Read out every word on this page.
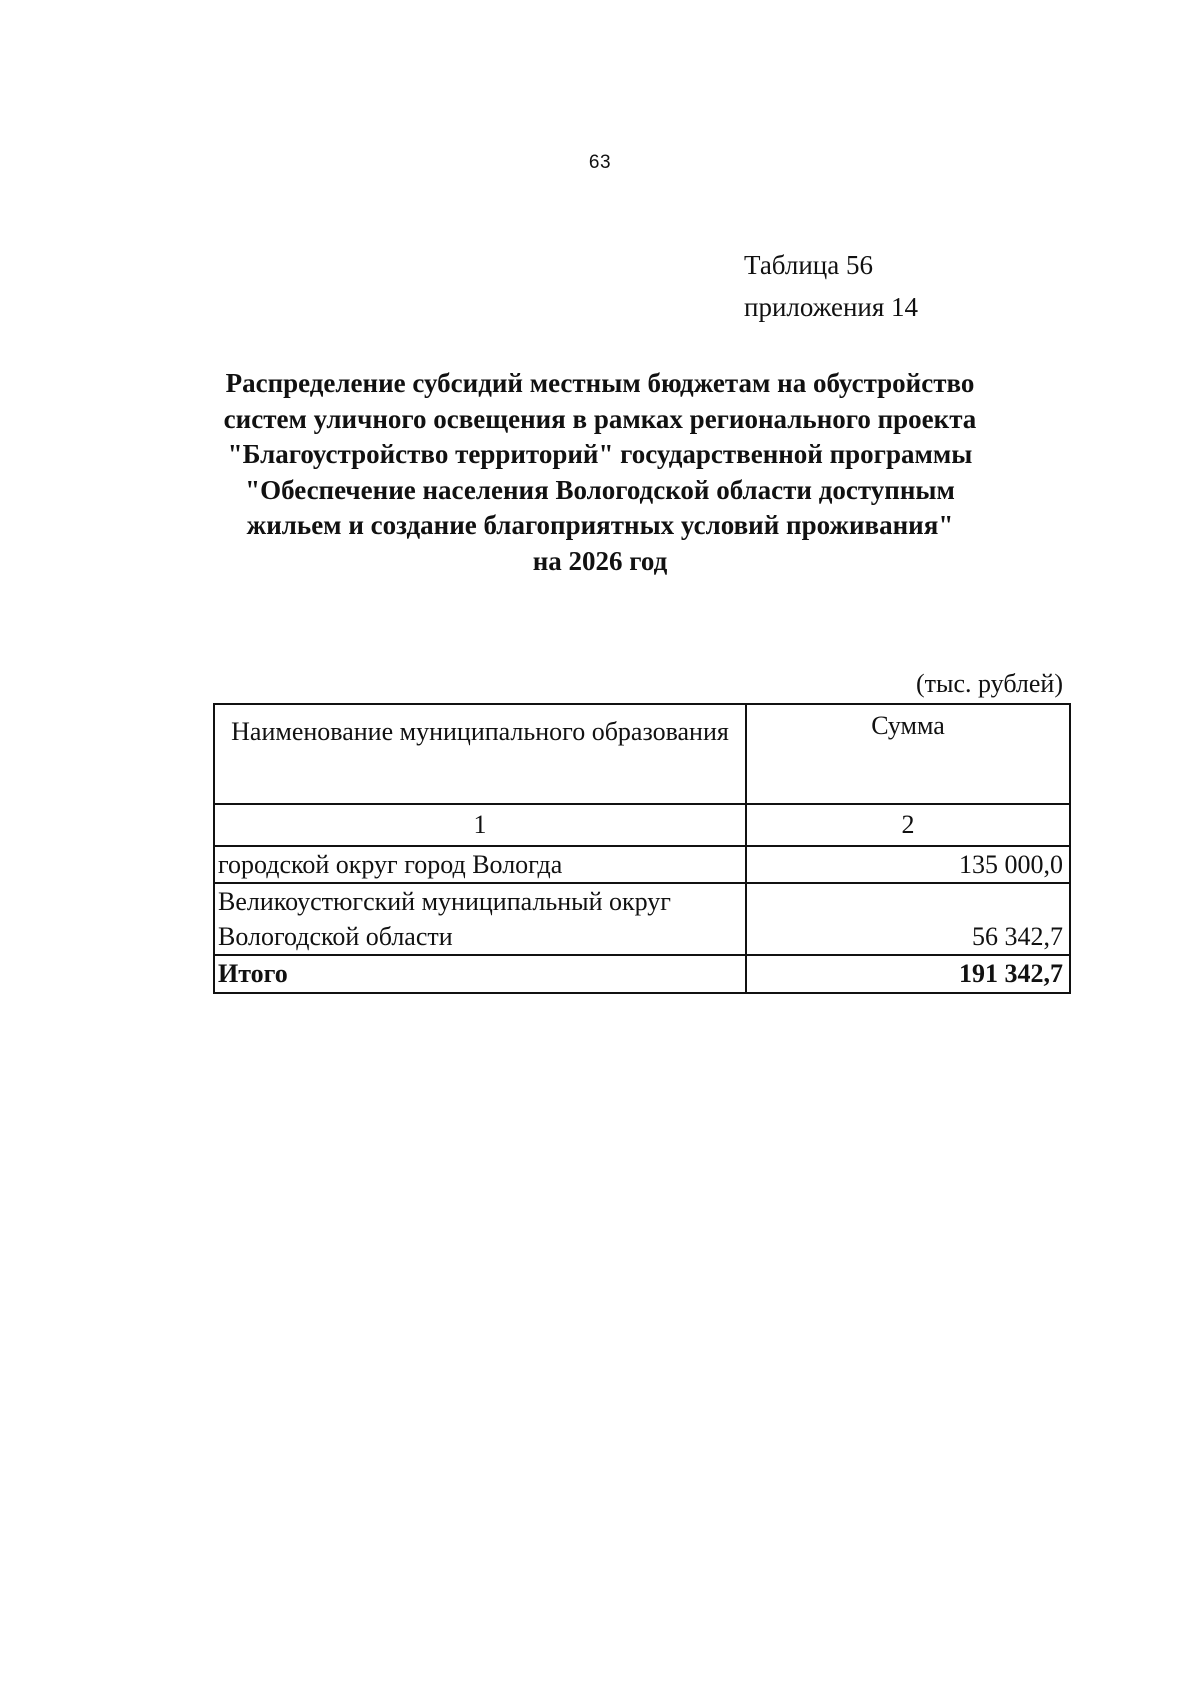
63
Таблица 56
приложения 14
Распределение субсидий местным бюджетам на обустройство
систем уличного освещения в рамках регионального проекта
"Благоустройство территорий" государственной программы
"Обеспечение населения Вологодской области доступным
жильем и создание благоприятных условий проживания"
на 2026 год
(тыс. рублей)
Наименование муниципального образования	Сумма
1	2
городской округ город Вологда	135 000,0
Великоустюгский муниципальный округ Вологодской области	56 342,7
Итого	191 342,7
